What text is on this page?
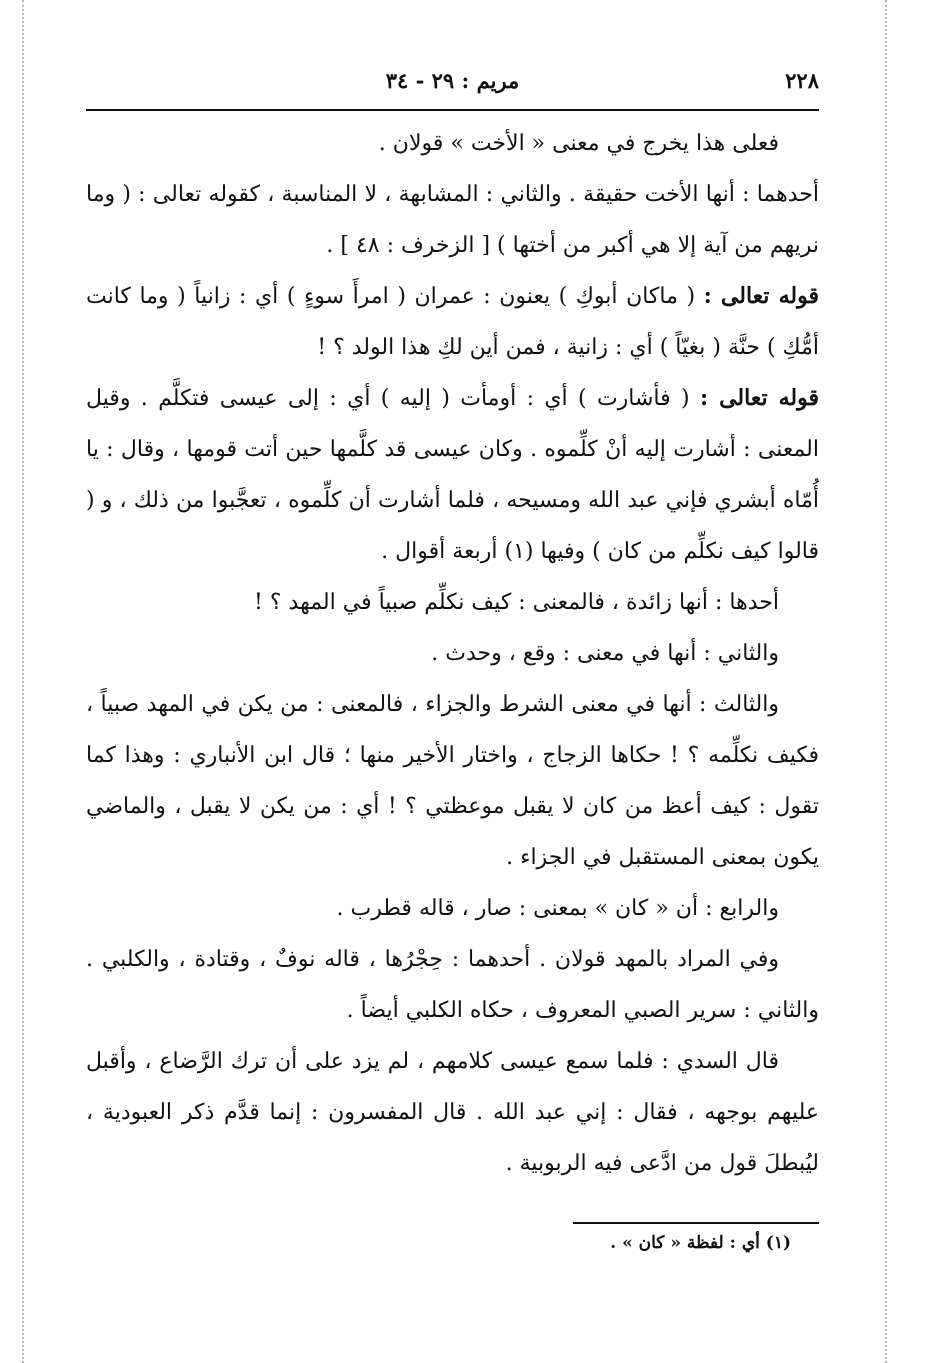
٢٢٨
مريم : ٢٩ - ٣٤

فعلى هذا يخرج في معنى « الأخت » قولان .

أحدهما : أنها الأخت حقيقة . والثاني : المشابهة ، لا المناسبة ، كقوله تعالى : ( وما نريهم من آية إلا هي أكبر من أختها ) [ الزخرف : ٤٨ ] .

قوله تعالى : ( ماكان أبوكِ ) يعنون : عمران ( امرأَ سوءٍ ) أي : زانياً ( وما كانت أمُّكِ ) حنَّة ( بغيّاً ) أي : زانية ، فمن أين لكِ هذا الولد ؟ !

قوله تعالى : ( فأشارت ) أي : أومأت ( إليه ) أي : إلى عيسى فتكلَّم . وقيل المعنى : أشارت إليه أنْ كلِّموه . وكان عيسى قد كلَّمها حين أتت قومها ، وقال : يا أُمّاه أبشري فإني عبد الله ومسيحه ، فلما أشارت أن كلِّموه ، تعجَّبوا من ذلك ، و ( قالوا كيف نكلِّم من كان ) وفيها (١) أربعة أقوال .

أحدها : أنها زائدة ، فالمعنى : كيف نكلِّم صبياً في المهد ؟ !

والثاني : أنها في معنى : وقع ، وحدث .

والثالث : أنها في معنى الشرط والجزاء ، فالمعنى : من يكن في المهد صبياً ، فكيف نكلِّمه ؟ ! حكاها الزجاج ، واختار الأخير منها ؛ قال ابن الأنباري : وهذا كما تقول : كيف أعظ من كان لا يقبل موعظتي ؟ ! أي : من يكن لا يقبل ، والماضي يكون بمعنى المستقبل في الجزاء .

والرابع : أن « كان » بمعنى : صار ، قاله قطرب .

وفي المراد بالمهد قولان . أحدهما : حِجْرُها ، قاله نوفٌ ، وقتادة ، والكلبي . والثاني : سرير الصبي المعروف ، حكاه الكلبي أيضاً .

قال السدي : فلما سمع عيسى كلامهم ، لم يزد على أن ترك الرَّضاع ، وأقبل عليهم بوجهه ، فقال : إني عبد الله . قال المفسرون : إنما قدَّم ذكر العبودية ، ليُبطلَ قول من ادَّعى فيه الربوبية .

(١) أي : لفظة « كان » .
